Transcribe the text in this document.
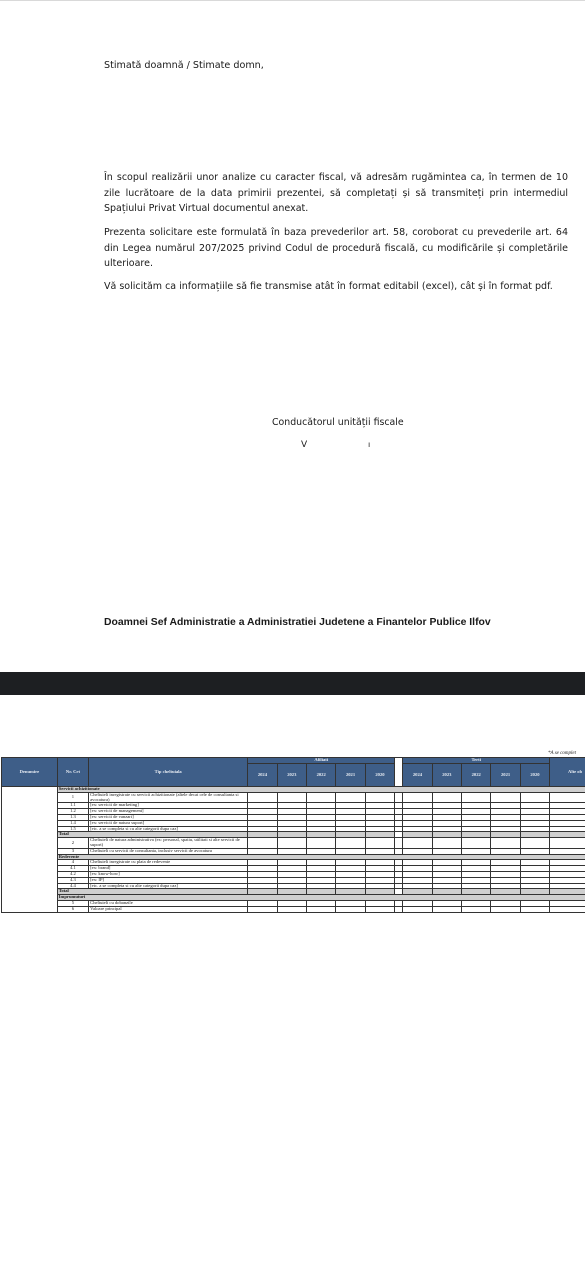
Stimată doamnă / Stimate domn,
În scopul realizării unor analize cu caracter fiscal, vă adresăm rugămintea ca, în termen de 10 zile lucrătoare de la data primirii prezentei, să completați și să transmiteți prin intermediul Spațiului Privat Virtual documentul anexat.
Prezenta solicitare este formulată în baza prevederilor art. 58, coroborat cu prevederile art. 64 din Legea numărul 207/2025 privind Codul de procedură fiscală, cu modificările și completările ulterioare.
Vă solicităm ca informațiile să fie transmise atât în format editabil (excel), cât și în format pdf.
Conducătorul unității fiscale
V	ı
Doamnei Sef Administratie a Administratiei Judetene a Finantelor Publice Ilfov
*A se complet
Denumire	Nr. Crt	Tip cheltuiala	Afiliati						Terti					Alte ob
			2024	2023	2022	2021	2020		2024	2023	2022	2021	2020	
	Servicii achizitionate													
	1	Cheltuieli inregistrate cu servicii achizitionate (altele decat cele de consultanta si avocatura)												
	1.1	[ex: servicii de marketing]												
	1.2	[ex: servicii de management]												
	1.3	[ex: servicii de vanzari]												
	1.4	[ex: servicii de natura suport]												
	1.5	[etc. a se completa si cu alte categorii dupa caz]												
	Total													
	2	Cheltuieli de natura administrativa (ex: personal, spatiu, utilitati si alte servicii de suport)												
	3	Cheltuieli cu servicii de consultanta, inclusiv servicii de avocatura												
	Redevente													
	4	Cheltuieli inregistrate cu plata de redevente												
	4.1	[ex: brand]												
	4.2	[ex: know-how]												
	4.3	[ex: IP]												
	4.4	[etc. a se completa si cu alte categorii dupa caz]												
	Total													
	Imprumuturi													
	5	Cheltuieli cu dobanzile												
	6	Valoare principal												
